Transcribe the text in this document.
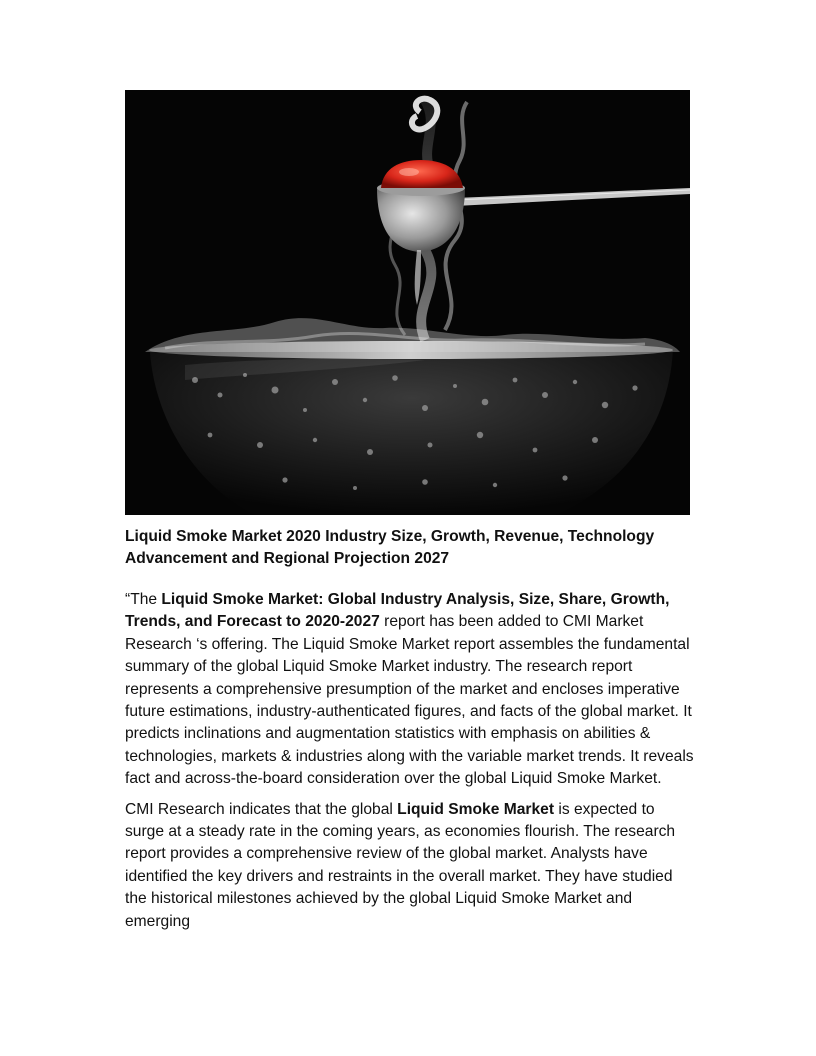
Liquid Smoke Market 2020 Industry Size, Growth, Revenue, Technology Advancement and Regional Projection 2027

“The Liquid Smoke Market: Global Industry Analysis, Size, Share, Growth, Trends, and Forecast to 2020-2027 report has been added to CMI Market Research ‘s offering. The Liquid Smoke Market report assembles the fundamental summary of the global Liquid Smoke Market industry. The research report represents a comprehensive presumption of the market and encloses imperative future estimations, industry-authenticated figures, and facts of the global market. It predicts inclinations and augmentation statistics with emphasis on abilities & technologies, markets & industries along with the variable market trends. It reveals fact and across-the-board consideration over the global Liquid Smoke Market.

CMI Research indicates that the global Liquid Smoke Market is expected to surge at a steady rate in the coming years, as economies flourish. The research report provides a comprehensive review of the global market. Analysts have identified the key drivers and restraints in the overall market. They have studied the historical milestones achieved by the global Liquid Smoke Market and emerging
